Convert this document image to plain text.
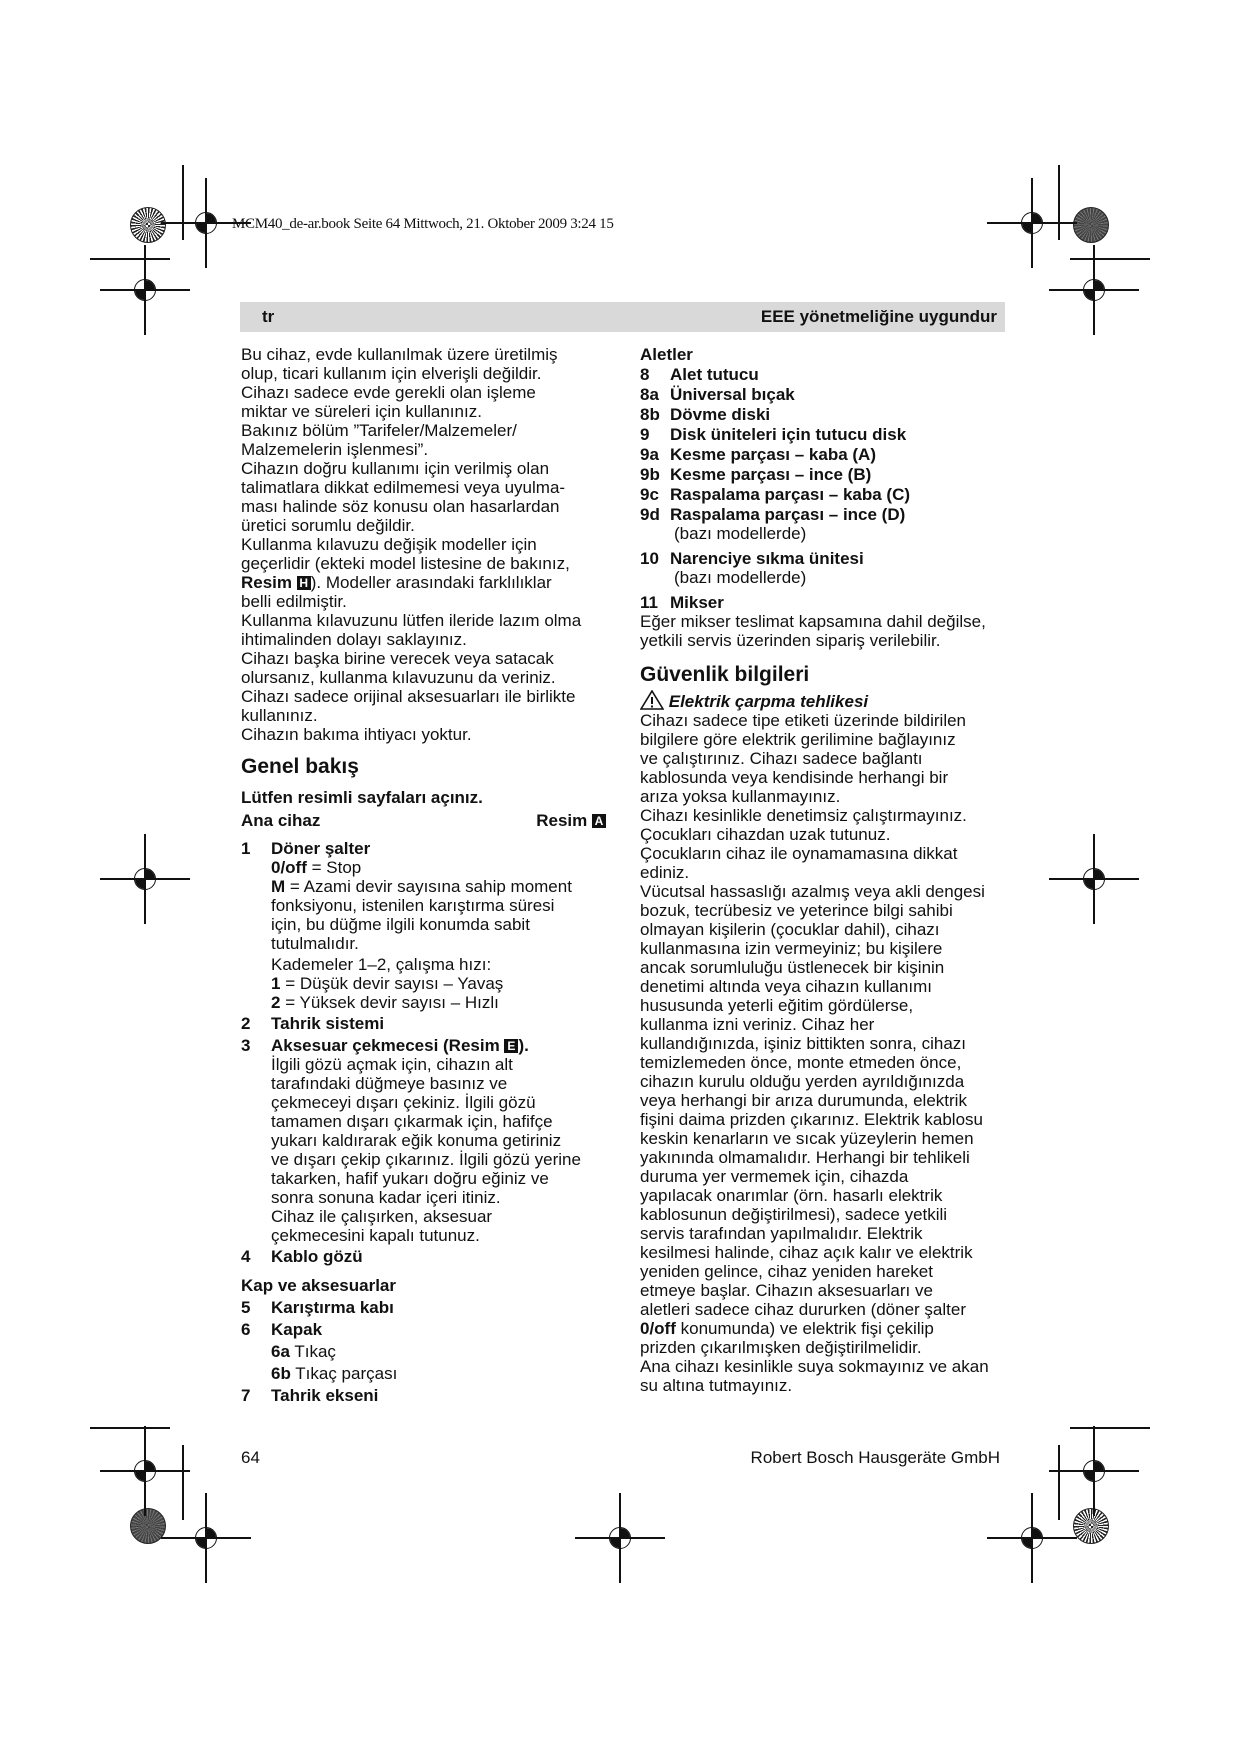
MCM40_de-ar.book Seite 64 Mittwoch, 21. Oktober 2009 3:24 15
tr	EEE yönetmeliğine uygundur

Bu cihaz, evde kullanılmak üzere üretilmiş

olup, ticari kullanım için elverişli değildir.

Cihazı sadece evde gerekli olan işleme

miktar ve süreleri için kullanınız.

Bakınız bölüm ”Tarifeler/Malzemeler/

Malzemelerin işlenmesi”.

Cihazın doğru kullanımı için verilmiş olan

talimatlara dikkat edilmemesi veya uyulma-

ması halinde söz konusu olan hasarlardan

üretici sorumlu değildir.

Kullanma kılavuzu değişik modeller için

geçerlidir (ekteki model listesine de bakınız,

Resim H ). Modeller arasındaki farklılıklar

belli edilmiştir.

Kullanma kılavuzunu lütfen ileride lazım olma

ihtimalinden dolayı saklayınız.

Cihazı başka birine verecek veya satacak

olursanız, kullanma kılavuzunu da veriniz.

Cihazı sadece orijinal aksesuarları ile birlikte

kullanınız.

Cihazın bakıma ihtiyacı yoktur.

Genel bakış

Lütfen resimli sayfaları açınız.

Ana cihaz	Resim A
1 Döner şalter

0/off = Stop

M = Azami devir sayısına sahip moment

fonksiyonu, istenilen karıştırma süresi

için, bu düğme ilgili konumda sabit

tutulmalıdır.

Kademeler 1–2, çalışma hızı:

1 = Düşük devir sayısı – Yavaş

2 = Yüksek devir sayısı – Hızlı

2 Tahrik sistemi

3 Aksesuar çekmecesi (Resim E ).

İlgili gözü açmak için, cihazın alt

tarafındaki düğmeye basınız ve

çekmeceyi dışarı çekiniz. İlgili gözü

tamamen dışarı çıkarmak için, hafifçe

yukarı kaldırarak eğik konuma getiriniz

ve dışarı çekip çıkarınız. İlgili gözü yerine

takarken, hafif yukarı doğru eğiniz ve

sonra sonuna kadar içeri itiniz.

Cihaz ile çalışırken, aksesuar

çekmecesini kapalı tutunuz.

4 Kablo gözü

Kap ve aksesuarlar

5 Karıştırma kabı

6 Kapak

6a Tıkaç

6b Tıkaç parçası

7 Tahrik ekseni

Aletler

8 Alet tutucu
8a Üniversal bıçak
8b Dövme diski
9 Disk üniteleri için tutucu disk
9a Kesme parçası – kaba (A)
9b Kesme parçası – ince (B)
9c Raspalama parçası – kaba (C)
9d Raspalama parçası – ince (D)

(bazı modellerde)

10 Narenciye sıkma ünitesi

(bazı modellerde)

11 Mikser

Eğer mikser teslimat kapsamına dahil değilse,

yetkili servis üzerinden sipariş verilebilir.

Güvenlik bilgileri

Elektrik çarpma tehlikesi

Cihazı sadece tipe etiketi üzerinde bildirilen

bilgilere göre elektrik gerilimine bağlayınız

ve çalıştırınız. Cihazı sadece bağlantı

kablosunda veya kendisinde herhangi bir

arıza yoksa kullanmayınız.

Cihazı kesinlikle denetimsiz çalıştırmayınız.

Çocukları cihazdan uzak tutunuz.

Çocukların cihaz ile oynamamasına dikkat

ediniz.

Vücutsal hassaslığı azalmış veya akli dengesi

bozuk, tecrübesiz ve yeterince bilgi sahibi

olmayan kişilerin (çocuklar dahil), cihazı

kullanmasına izin vermeyiniz; bu kişilere

ancak sorumluluğu üstlenecek bir kişinin

denetimi altında veya cihazın kullanımı

hususunda yeterli eğitim gördülerse,

kullanma izni veriniz. Cihaz her

kullandığınızda, işiniz bittikten sonra, cihazı

temizlemeden önce, monte etmeden önce,

cihazın kurulu olduğu yerden ayrıldığınızda

veya herhangi bir arıza durumunda, elektrik

fişini daima prizden çıkarınız. Elektrik kablosu

keskin kenarların ve sıcak yüzeylerin hemen

yakınında olmamalıdır. Herhangi bir tehlikeli

duruma yer vermemek için, cihazda

yapılacak onarımlar (örn. hasarlı elektrik

kablosunun değiştirilmesi), sadece yetkili

servis tarafından yapılmalıdır. Elektrik

kesilmesi halinde, cihaz açık kalır ve elektrik

yeniden gelince, cihaz yeniden hareket

etmeye başlar. Cihazın aksesuarları ve

aletleri sadece cihaz dururken (döner şalter

0/off konumunda) ve elektrik fişi çekilip

prizden çıkarılmışken değiştirilmelidir.

Ana cihazı kesinlikle suya sokmayınız ve akan

su altına tutmayınız.

64	Robert Bosch Hausgeräte GmbH
